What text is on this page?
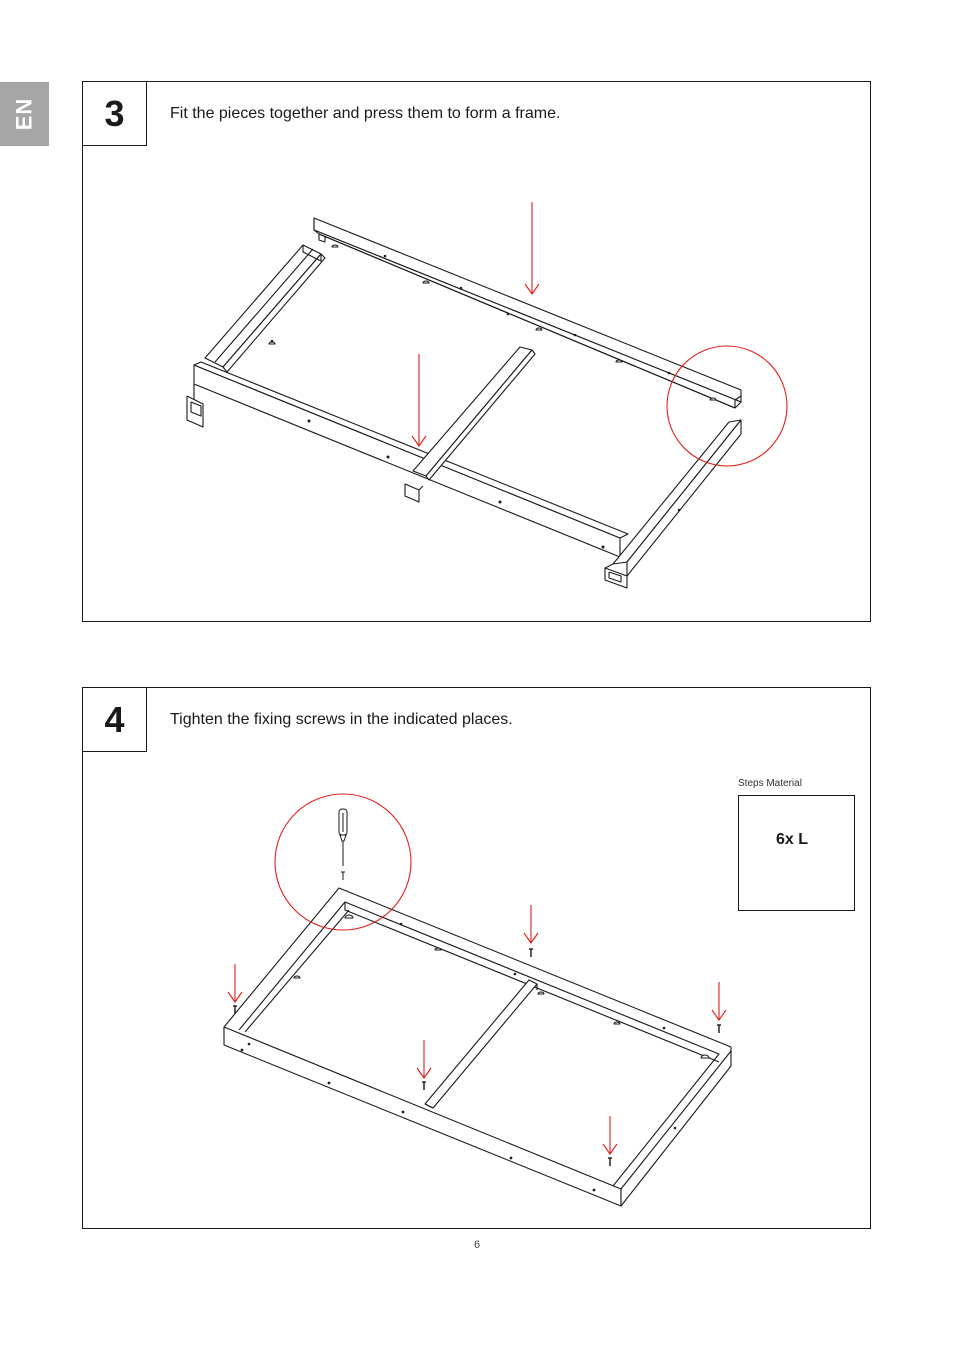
EN	3	Fit the pieces together and press them to form a frame.
4	Tighten the fixing screws in the indicated places.
Steps Material
6x L
6
